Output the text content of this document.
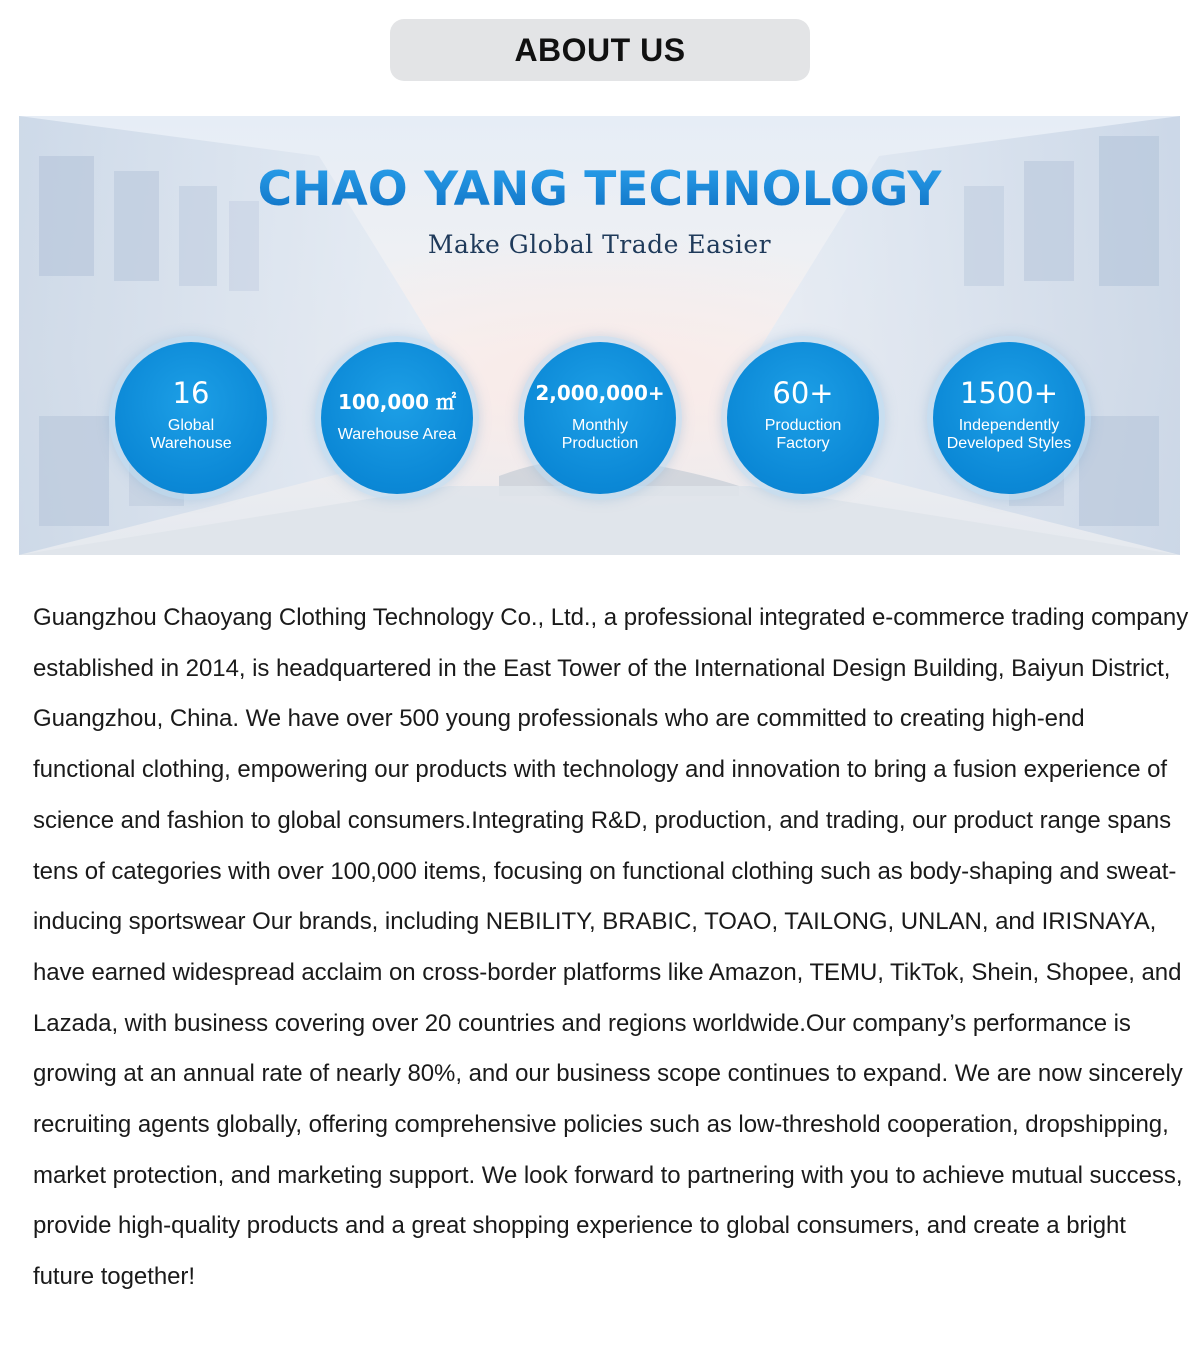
ABOUT US
CHAO YANG TECHNOLOGY
Make Global Trade Easier
16
Global Warehouse
100,000 ㎡
Warehouse Area
2,000,000+
Monthly Production
60+
Production Factory
1500+
Independently Developed Styles

Guangzhou Chaoyang Clothing Technology Co., Ltd., a professional integrated e-commerce trading company established in 2014, is headquartered in the East Tower of the International Design Building, Baiyun District, Guangzhou, China. We have over 500 young professionals who are committed to creating high-end functional clothing, empowering our products with technology and innovation to bring a fusion experience of science and fashion to global consumers.Integrating R&D, production, and trading, our product range spans tens of categories with over 100,000 items, focusing on functional clothing such as body-shaping and sweat-inducing sportswear Our brands, including NEBILITY, BRABIC, TOAO, TAILONG, UNLAN, and IRISNAYA, have earned widespread acclaim on cross-border platforms like Amazon, TEMU, TikTok, Shein, Shopee, and Lazada, with business covering over 20 countries and regions worldwide.Our company’s performance is growing at an annual rate of nearly 80%, and our business scope continues to expand. We are now sincerely recruiting agents globally, offering comprehensive policies such as low-threshold cooperation, dropshipping, market protection, and marketing support. We look forward to partnering with you to achieve mutual success, provide high-quality products and a great shopping experience to global consumers, and create a bright future together!
